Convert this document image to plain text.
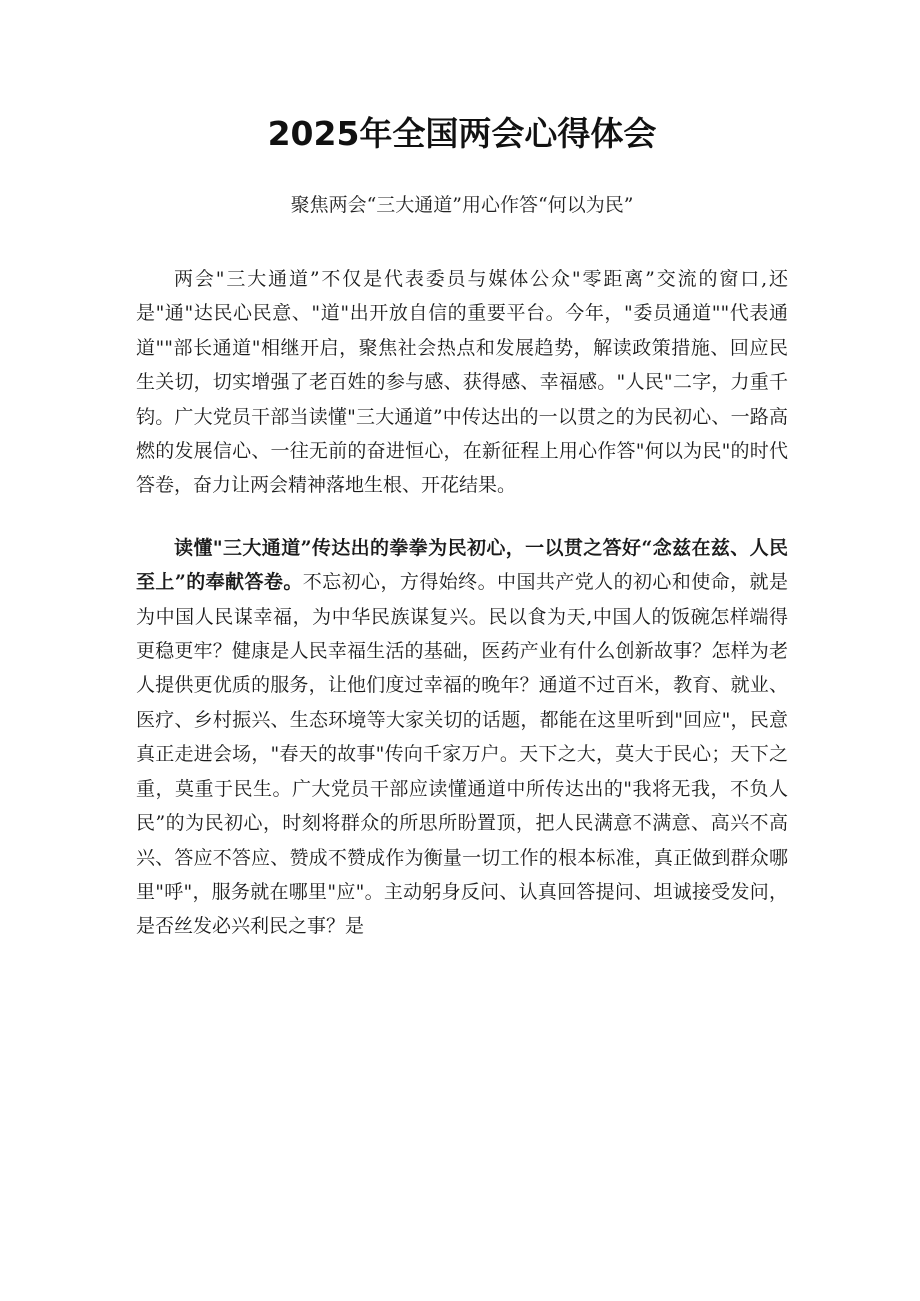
2025年全国两会心得体会

聚焦两会“三大通道”用心作答“何以为民”

两会"三大通道”不仅是代表委员与媒体公众"零距离”交流的窗口,还是"通"达民心民意、"道"出开放自信的重要平台。今年，"委员通道""代表通道""部长通道"相继开启，聚焦社会热点和发展趋势，解读政策措施、回应民生关切，切实增强了老百姓的参与感、获得感、幸福感。"人民"二字，力重千钧。广大党员干部当读懂"三大通道”中传达出的一以贯之的为民初心、一路高燃的发展信心、一往无前的奋进恒心，在新征程上用心作答"何以为民"的时代答卷，奋力让两会精神落地生根、开花结果。

读懂"三大通道”传达出的拳拳为民初心，一以贯之答好“念兹在兹、人民至上”的奉献答卷。不忘初心，方得始终。中国共产党人的初心和使命，就是为中国人民谋幸福，为中华民族谋复兴。民以食为天,中国人的饭碗怎样端得更稳更牢？健康是人民幸福生活的基础，医药产业有什么创新故事？怎样为老人提供更优质的服务，让他们度过幸福的晚年？通道不过百米，教育、就业、医疗、乡村振兴、生态环境等大家关切的话题，都能在这里听到"回应"，民意真正走进会场，"春天的故事"传向千家万户。天下之大，莫大于民心；天下之重，莫重于民生。广大党员干部应读懂通道中所传达出的"我将无我，不负人民”的为民初心，时刻将群众的所思所盼置顶，把人民满意不满意、高兴不高兴、答应不答应、赞成不赞成作为衡量一切工作的根本标准，真正做到群众哪里"呼"，服务就在哪里"应"。主动躬身反问、认真回答提问、坦诚接受发问，是否丝发必兴利民之事？是
